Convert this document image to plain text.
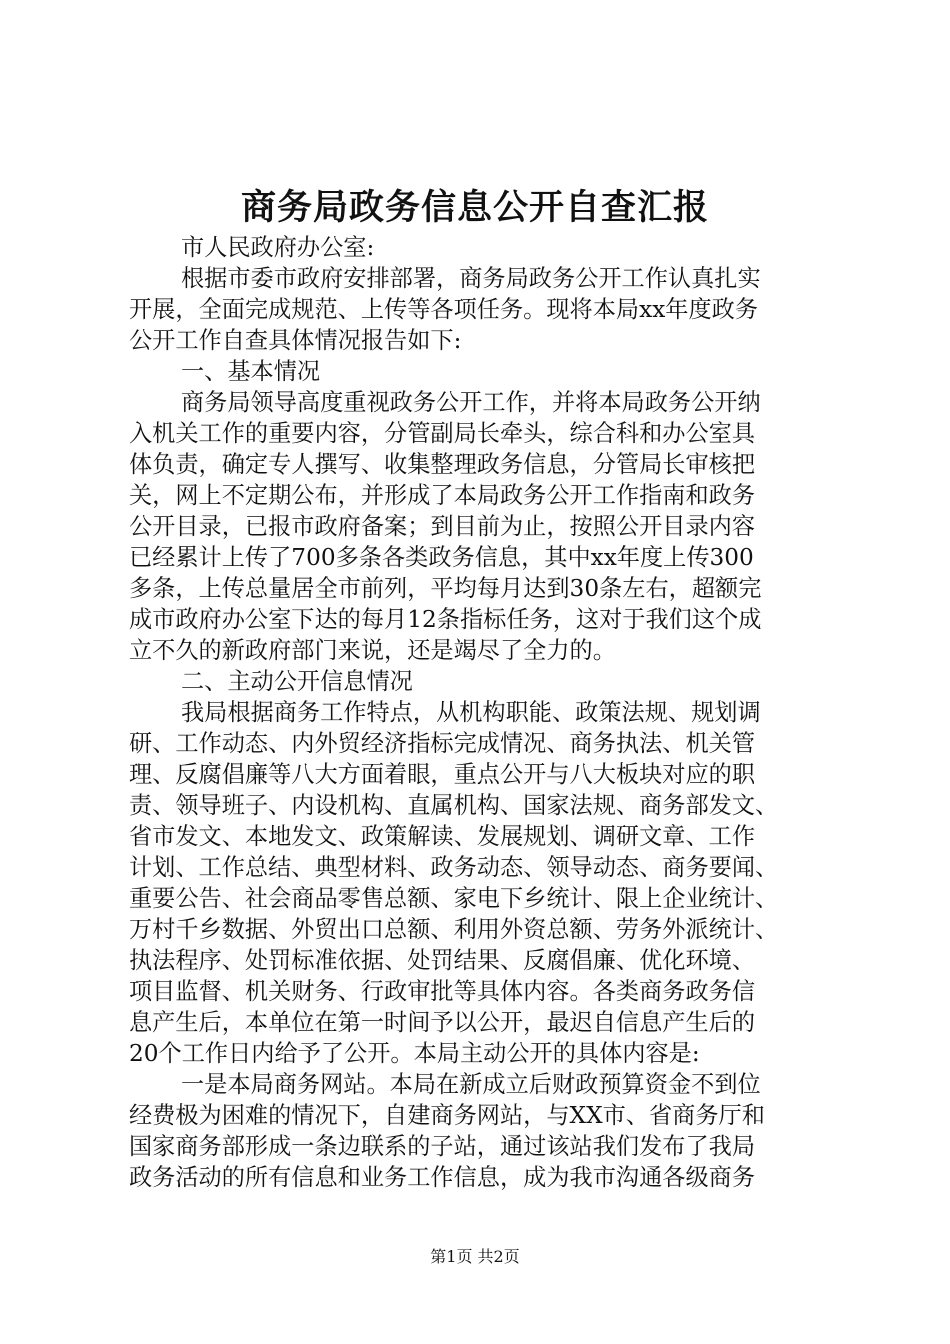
商务局政务信息公开自查汇报
市人民政府办公室:
根据市委市政府安排部署，商务局政务公开工作认真扎实
开展，全面完成规范、上传等各项任务。现将本局xx年度政务
公开工作自查具体情况报告如下:
一、基本情况
商务局领导高度重视政务公开工作，并将本局政务公开纳
入机关工作的重要内容，分管副局长牵头，综合科和办公室具
体负责，确定专人撰写、收集整理政务信息，分管局长审核把
关，网上不定期公布，并形成了本局政务公开工作指南和政务
公开目录，已报市政府备案；到目前为止，按照公开目录内容
已经累计上传了700多条各类政务信息，其中xx年度上传300
多条，上传总量居全市前列，平均每月达到30条左右，超额完
成市政府办公室下达的每月12条指标任务，这对于我们这个成
立不久的新政府部门来说，还是竭尽了全力的。
二、主动公开信息情况
我局根据商务工作特点，从机构职能、政策法规、规划调
研、工作动态、内外贸经济指标完成情况、商务执法、机关管
理、反腐倡廉等八大方面着眼，重点公开与八大板块对应的职
责、领导班子、内设机构、直属机构、国家法规、商务部发文、
省市发文、本地发文、政策解读、发展规划、调研文章、工作
计划、工作总结、典型材料、政务动态、领导动态、商务要闻、
重要公告、社会商品零售总额、家电下乡统计、限上企业统计、
万村千乡数据、外贸出口总额、利用外资总额、劳务外派统计、
执法程序、处罚标准依据、处罚结果、反腐倡廉、优化环境、
项目监督、机关财务、行政审批等具体内容。各类商务政务信
息产生后，本单位在第一时间予以公开，最迟自信息产生后的
20个工作日内给予了公开。本局主动公开的具体内容是:
一是本局商务网站。本局在新成立后财政预算资金不到位
经费极为困难的情况下，自建商务网站，与XX市、省商务厅和
国家商务部形成一条边联系的子站，通过该站我们发布了我局
政务活动的所有信息和业务工作信息，成为我市沟通各级商务
第1页 共2页
